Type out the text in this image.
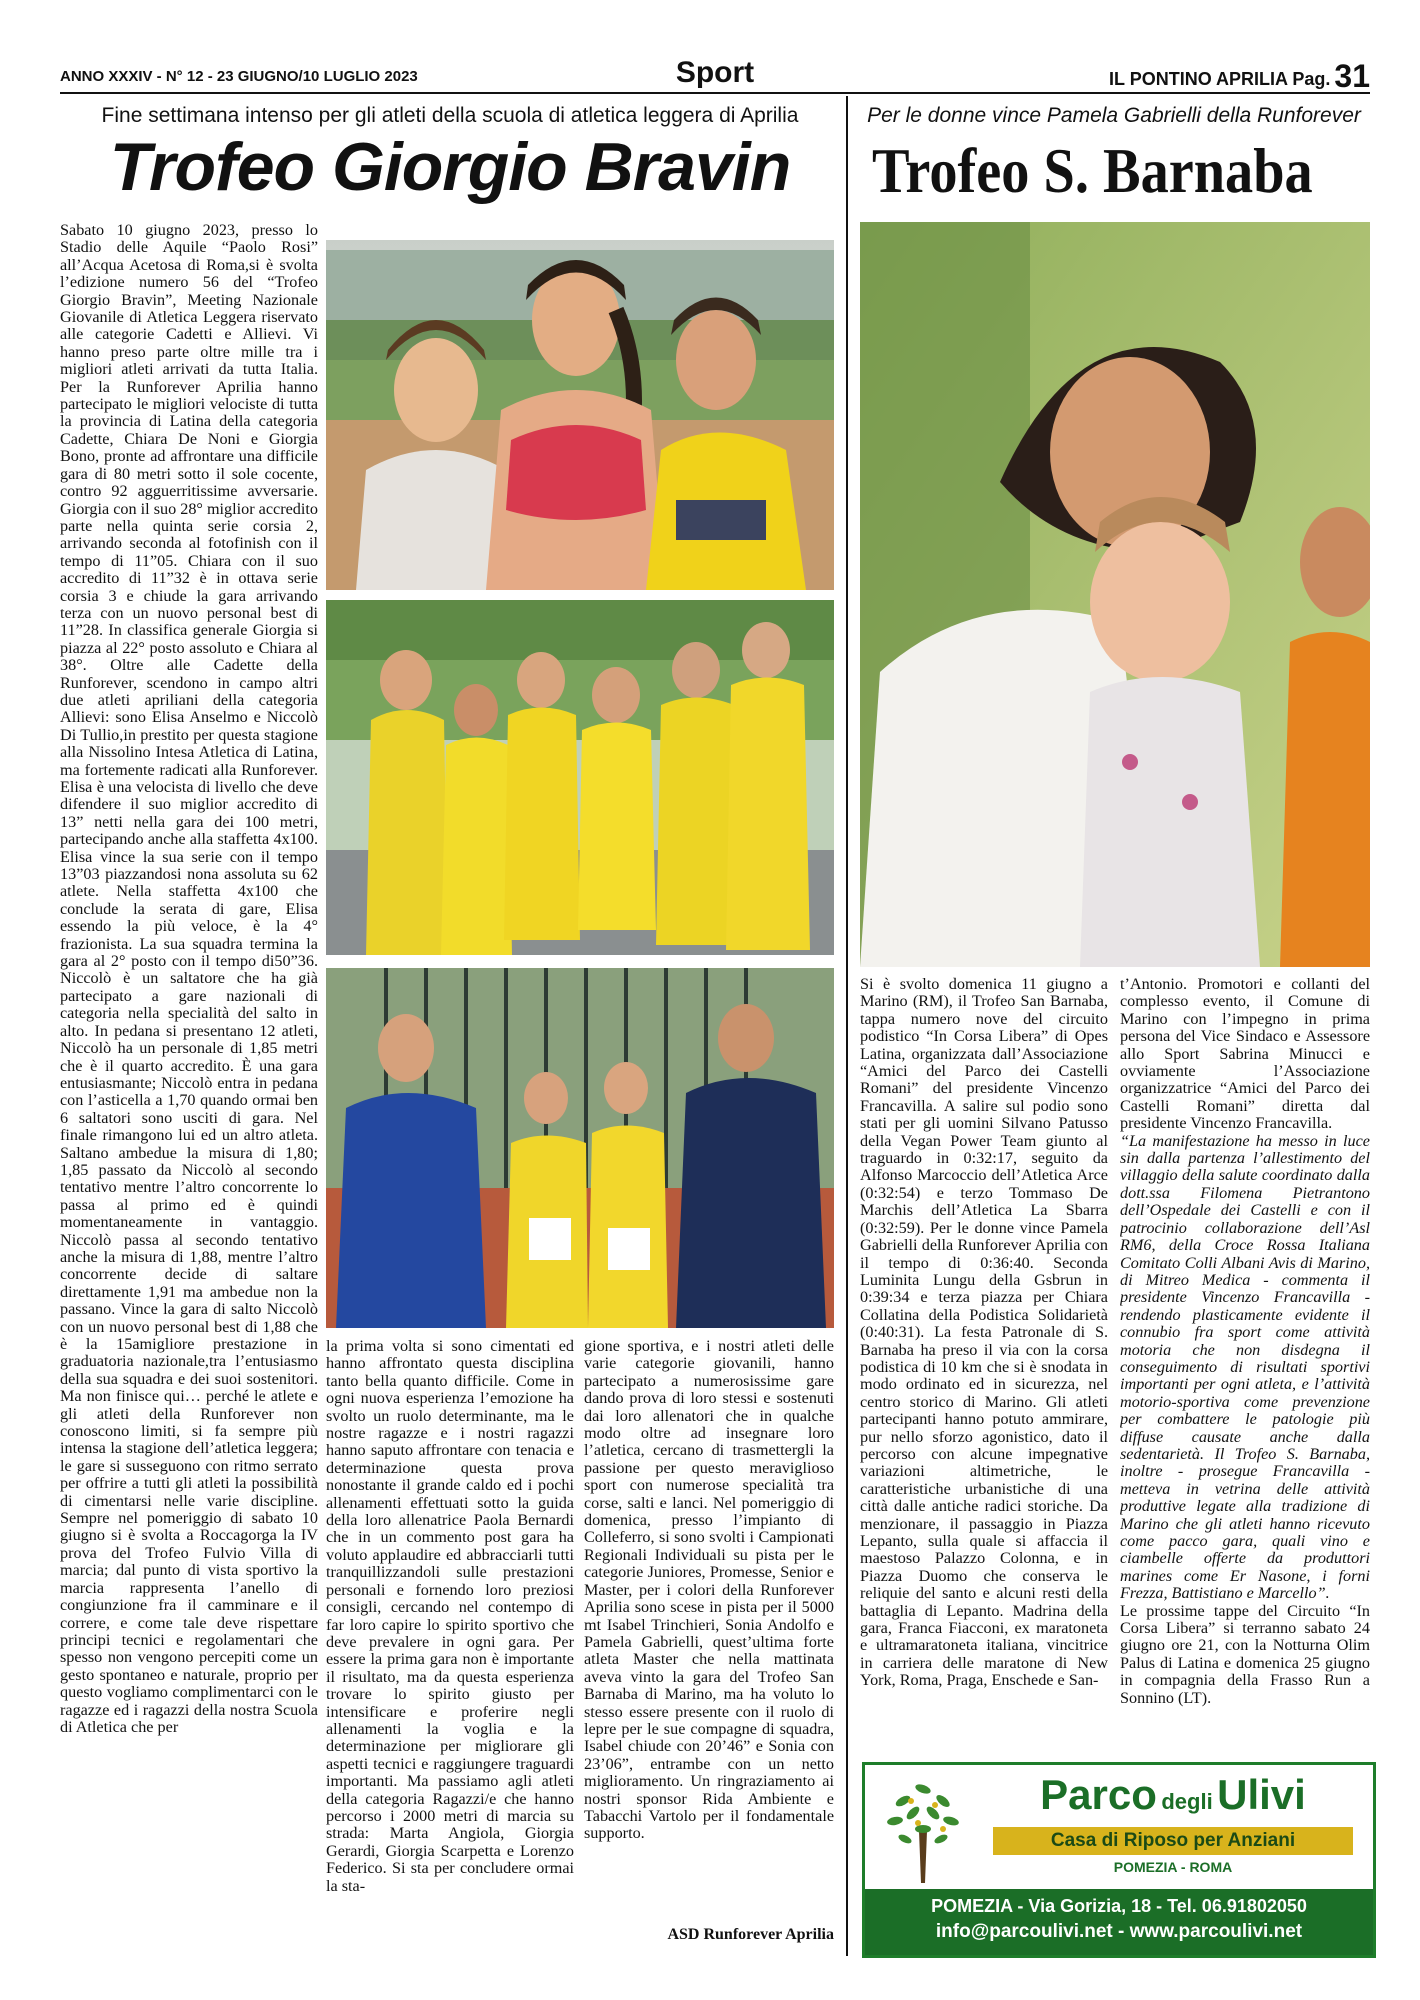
ANNO XXXIV - N° 12 - 23 GIUGNO/10 LUGLIO 2023	Sport	IL PONTINO APRILIA Pag. 31
Fine settimana intenso per gli atleti della scuola di atletica leggera di Aprilia
Trofeo Giorgio Bravin
Per le donne vince Pamela Gabrielli della Runforever
Trofeo S. Barnaba

Sabato 10 giugno 2023, presso lo Stadio delle Aquile “Paolo Rosi” all’Acqua Acetosa di Roma,si è svolta l’edizione numero 56 del “Trofeo Giorgio Bravin”, Meeting Nazionale Giovanile di Atletica Leggera riservato alle categorie Cadetti e Allievi. Vi hanno preso parte oltre mille tra i migliori atleti arrivati da tutta Italia. Per la Runforever Aprilia hanno partecipato le migliori velociste di tutta la provincia di Latina della categoria Cadette, Chiara De Noni e Giorgia Bono, pronte ad affrontare una difficile gara di 80 metri sotto il sole cocente, contro 92 agguerritissime avversarie. Giorgia con il suo 28° miglior accredito parte nella quinta serie corsia 2, arrivando seconda al fotofinish con il tempo di 11”05. Chiara con il suo accredito di 11”32 è in ottava serie corsia 3 e chiude la gara arrivando terza con un nuovo personal best di 11”28. In classifica generale Giorgia si piazza al 22° posto assoluto e Chiara al 38°. Oltre alle Cadette della Runforever, scendono in campo altri due atleti apriliani della categoria Allievi: sono Elisa Anselmo e Niccolò Di Tullio,in prestito per questa stagione alla Nissolino Intesa Atletica di Latina, ma fortemente radicati alla Runforever. Elisa è una velocista di livello che deve difendere il suo miglior accredito di 13” netti nella gara dei 100 metri, partecipando anche alla staffetta 4x100. Elisa vince la sua serie con il tempo 13”03 piazzandosi nona assoluta su 62 atlete. Nella staffetta 4x100 che conclude la serata di gare, Elisa essendo la più veloce, è la 4° frazionista. La sua squadra termina la gara al 2° posto con il tempo di50”36. Niccolò è un saltatore che ha già partecipato a gare nazionali di categoria nella specialità del salto in alto. In pedana si presentano 12 atleti, Niccolò ha un personale di 1,85 metri che è il quarto accredito. È una gara entusiasmante; Niccolò entra in pedana con l’asticella a 1,70 quando ormai ben 6 saltatori sono usciti di gara. Nel finale rimangono lui ed un altro atleta. Saltano ambedue la misura di 1,80; 1,85 passato da Niccolò al secondo tentativo mentre l’altro concorrente lo passa al primo ed è quindi momentaneamente in vantaggio. Niccolò passa al secondo tentativo anche la misura di 1,88, mentre l’altro concorrente decide di saltare direttamente 1,91 ma ambedue non la passano. Vince la gara di salto Niccolò con un nuovo personal best di 1,88 che è la 15amigliore prestazione in graduatoria nazionale,tra l’entusiasmo della sua squadra e dei suoi sostenitori. Ma non finisce qui… perché le atlete e gli atleti della Runforever non conoscono limiti, si fa sempre più intensa la stagione dell’atletica leggera; le gare si susseguono con ritmo serrato per offrire a tutti gli atleti la possibilità di cimentarsi nelle varie discipline. Sempre nel pomeriggio di sabato 10 giugno si è svolta a Roccagorga la IV prova del Trofeo Fulvio Villa di marcia; dal punto di vista sportivo la marcia rappresenta l’anello di congiunzione fra il camminare e il correre, e come tale deve rispettare principi tecnici e regolamentari che spesso non vengono percepiti come un gesto spontaneo e naturale, proprio per questo vogliamo complimentarci con le ragazze ed i ragazzi della nostra Scuola di Atletica che per

la prima volta si sono cimentati ed hanno affrontato questa disciplina tanto bella quanto difficile. Come in ogni nuova esperienza l’emozione ha svolto un ruolo determinante, ma le nostre ragazze e i nostri ragazzi hanno saputo affrontare con tenacia e determinazione questa prova nonostante il grande caldo ed i pochi allenamenti effettuati sotto la guida della loro allenatrice Paola Bernardi che in un commento post gara ha voluto applaudire ed abbracciarli tutti tranquillizzandoli sulle prestazioni personali e fornendo loro preziosi consigli, cercando nel contempo di far loro capire lo spirito sportivo che deve prevalere in ogni gara. Per essere la prima gara non è importante il risultato, ma da questa esperienza trovare lo spirito giusto per intensificare e proferire negli allenamenti la voglia e la determinazione per migliorare gli aspetti tecnici e raggiungere traguardi importanti. Ma passiamo agli atleti della categoria Ragazzi/e che hanno percorso i 2000 metri di marcia su strada: Marta Angiola, Giorgia Gerardi, Giorgia Scarpetta e Lorenzo Federico. Si sta per concludere ormai la sta-

gione sportiva, e i nostri atleti delle varie categorie giovanili, hanno partecipato a numerosissime gare dando prova di loro stessi e sostenuti dai loro allenatori che in qualche modo oltre ad insegnare loro l’atletica, cercano di trasmettergli la passione per questo meraviglioso sport con numerose specialità tra corse, salti e lanci. Nel pomeriggio di domenica, presso l’impianto di Colleferro, si sono svolti i Campionati Regionali Individuali su pista per le categorie Juniores, Promesse, Senior e Master, per i colori della Runforever Aprilia sono scese in pista per il 5000 mt Isabel Trinchieri, Sonia Andolfo e Pamela Gabrielli, quest’ultima forte atleta Master che nella mattinata aveva vinto la gara del Trofeo San Barnaba di Marino, ma ha voluto lo stesso essere presente con il ruolo di lepre per le sue compagne di squadra, Isabel chiude con 20’46” e Sonia con 23’06”, entrambe con un netto miglioramento. Un ringraziamento ai nostri sponsor Rida Ambiente e Tabacchi Vartolo per il fondamentale supporto.

ASD Runforever Aprilia

Si è svolto domenica 11 giugno a Marino (RM), il Trofeo San Barnaba, tappa numero nove del circuito podistico “In Corsa Libera” di Opes Latina, organizzata dall’Associazione “Amici del Parco dei Castelli Romani” del presidente Vincenzo Francavilla. A salire sul podio sono stati per gli uomini Silvano Patusso della Vegan Power Team giunto al traguardo in 0:32:17, seguito da Alfonso Marcoccio dell’Atletica Arce (0:32:54) e terzo Tommaso De Marchis dell’Atletica La Sbarra (0:32:59). Per le donne vince Pamela Gabrielli della Runforever Aprilia con il tempo di 0:36:40. Seconda Luminita Lungu della Gsbrun in 0:39:34 e terza piazza per Chiara Collatina della Podistica Solidarietà (0:40:31). La festa Patronale di S. Barnaba ha preso il via con la corsa podistica di 10 km che si è snodata in modo ordinato ed in sicurezza, nel centro storico di Marino. Gli atleti partecipanti hanno potuto ammirare, pur nello sforzo agonistico, dato il percorso con alcune impegnative variazioni altimetriche, le caratteristiche urbanistiche di una città dalle antiche radici storiche. Da menzionare, il passaggio in Piazza Lepanto, sulla quale si affaccia il maestoso Palazzo Colonna, e in Piazza Duomo che conserva le reliquie del santo e alcuni resti della battaglia di Lepanto. Madrina della gara, Franca Fiacconi, ex maratoneta e ultramaratoneta italiana, vincitrice in carriera delle maratone di New York, Roma, Praga, Enschede e San-

t’Antonio. Promotori e collanti del complesso evento, il Comune di Marino con l’impegno in prima persona del Vice Sindaco e Assessore allo Sport Sabrina Minucci e ovviamente l’Associazione organizzatrice “Amici del Parco dei Castelli Romani” diretta dal presidente Vincenzo Francavilla.

“La manifestazione ha messo in luce sin dalla partenza l’allestimento del villaggio della salute coordinato dalla dott.ssa Filomena Pietrantono dell’Ospedale dei Castelli e con il patrocinio collaborazione dell’Asl RM6, della Croce Rossa Italiana Comitato Colli Albani Avis di Marino, di Mitreo Medica - commenta il presidente Vincenzo Francavilla - rendendo plasticamente evidente il connubio fra sport come attività motoria che non disdegna il conseguimento di risultati sportivi importanti per ogni atleta, e l’attività motorio-sportiva come prevenzione per combattere le patologie più diffuse causate anche dalla sedentarietà. Il Trofeo S. Barnaba, inoltre - prosegue Francavilla - metteva in vetrina delle attività produttive legate alla tradizione di Marino che gli atleti hanno ricevuto come pacco gara, quali vino e ciambelle offerte da produttori marines come Er Nasone, i forni Frezza, Battistiano e Marcello”.

Le prossime tappe del Circuito “In Corsa Libera” si terranno sabato 24 giugno ore 21, con la Notturna Olim Palus di Latina e domenica 25 giugno in compagnia della Frasso Run a Sonnino (LT).

Parco degli Ulivi
Casa di Riposo per Anziani
POMEZIA - ROMA
POMEZIA - Via Gorizia, 18 - Tel. 06.91802050
info@parcoulivi.net - www.parcoulivi.net
